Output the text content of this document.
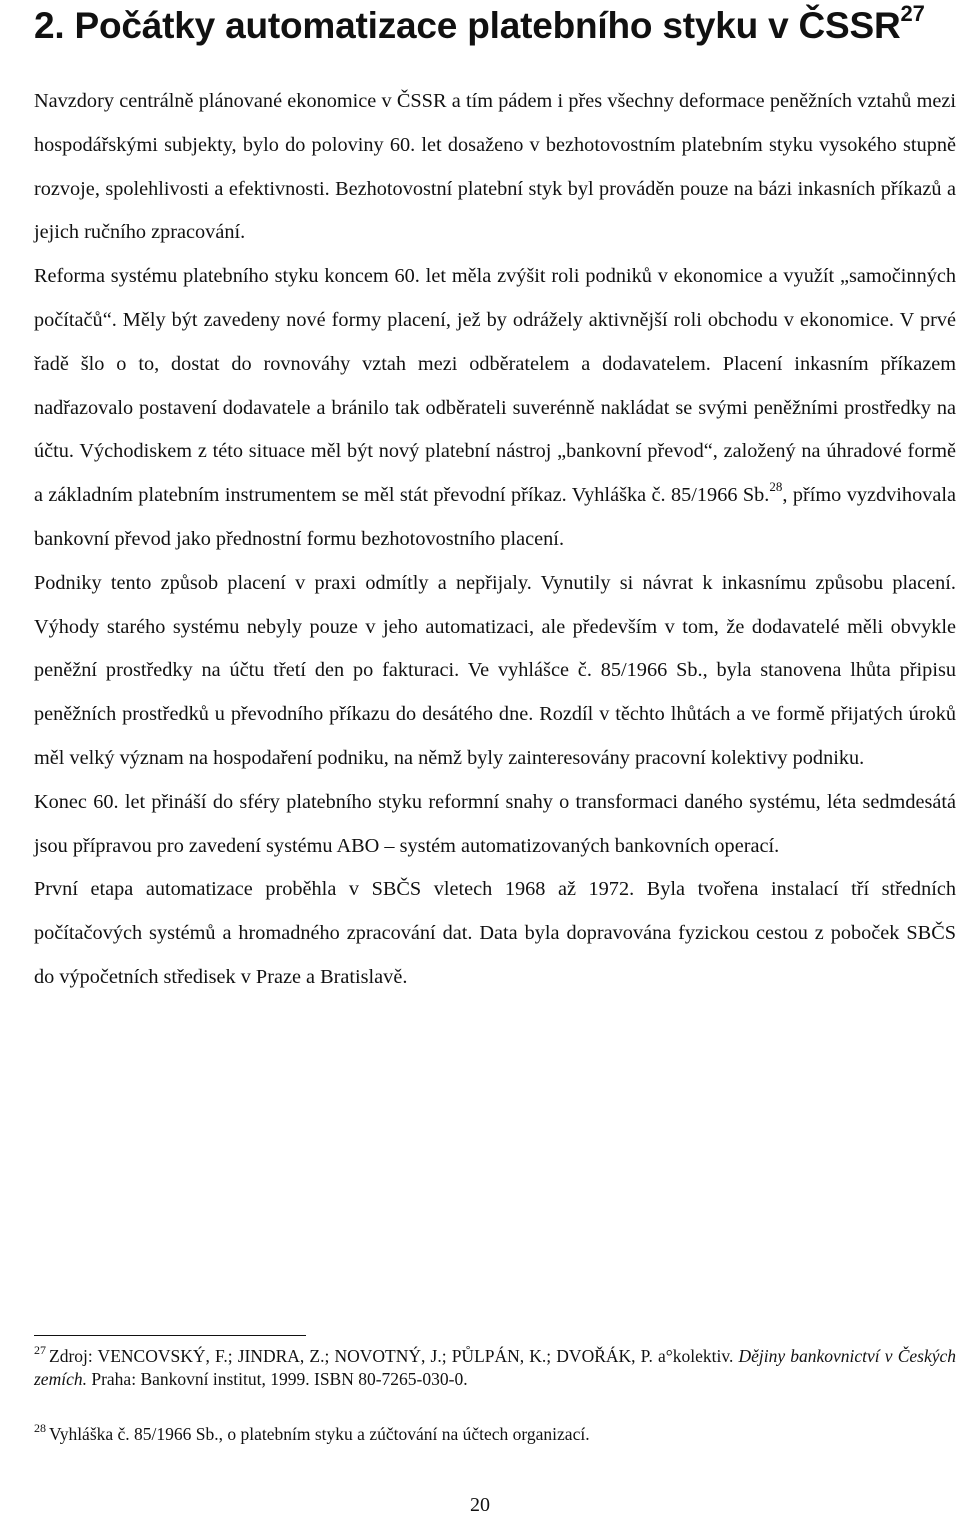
2. Počátky automatizace platebního styku v ČSSR$^{27}$

Navzdory centrálně plánované ekonomice v ČSSR a tím pádem i přes všechny deformace peněžních vztahů mezi hospodářskými subjekty, bylo do poloviny 60. let dosaženo v bezhotovostním platebním styku vysokého stupně rozvoje, spolehlivosti a efektivnosti. Bezhotovostní platební styk byl prováděn pouze na bázi inkasních příkazů a jejich ručního zpracování.

Reforma systému platebního styku koncem 60. let měla zvýšit roli podniků v ekonomice a využít „samočinných počítačů“. Měly být zavedeny nové formy placení, jež by odrážely aktivnější roli obchodu v ekonomice. V prvé řadě šlo o to, dostat do rovnováhy vztah mezi odběratelem a dodavatelem. Placení inkasním příkazem nadřazovalo postavení dodavatele a bránilo tak odběrateli suverénně nakládat se svými peněžními prostředky na účtu. Východiskem z této situace měl být nový platební nástroj „bankovní převod“, založený na úhradové formě a základním platebním instrumentem se měl stát převodní příkaz. Vyhláška č. 85/1966 Sb.$^{28}$, přímo vyzdvihovala bankovní převod jako přednostní formu bezhotovostního placení.

Podniky tento způsob placení v praxi odmítly a nepřijaly. Vynutily si návrat k inkasnímu způsobu placení. Výhody starého systému nebyly pouze v jeho automatizaci, ale především v tom, že dodavatelé měli obvykle peněžní prostředky na účtu třetí den po fakturaci. Ve vyhlášce č. 85/1966 Sb., byla stanovena lhůta připisu peněžních prostředků u převodního příkazu do desátého dne. Rozdíl v těchto lhůtách a ve formě přijatých úroků měl velký význam na hospodaření podniku, na němž byly zainteresovány pracovní kolektivy podniku.

Konec 60. let přináší do sféry platebního styku reformní snahy o transformaci daného systému, léta sedmdesátá jsou přípravou pro zavedení systému ABO – systém automatizovaných bankovních operací.

První etapa automatizace proběhla v SBČS vletech 1968 až 1972. Byla tvořena instalací tří středních počítačových systémů a hromadného zpracování dat. Data byla dopravována fyzickou cestou z poboček SBČS do výpočetních středisek v Praze a Bratislavě.

$^{27}$ Zdroj: VENCOVSKÝ, F.; JINDRA, Z.; NOVOTNÝ, J.; PŮLPÁN, K.; DVOŘÁK, P. a°kolektiv. Dějiny bankovnictví v Českých zemích. Praha: Bankovní institut, 1999. ISBN 80-7265-030-0.

$^{28}$ Vyhláška č. 85/1966 Sb., o platebním styku a zúčtování na účtech organizací.

20
